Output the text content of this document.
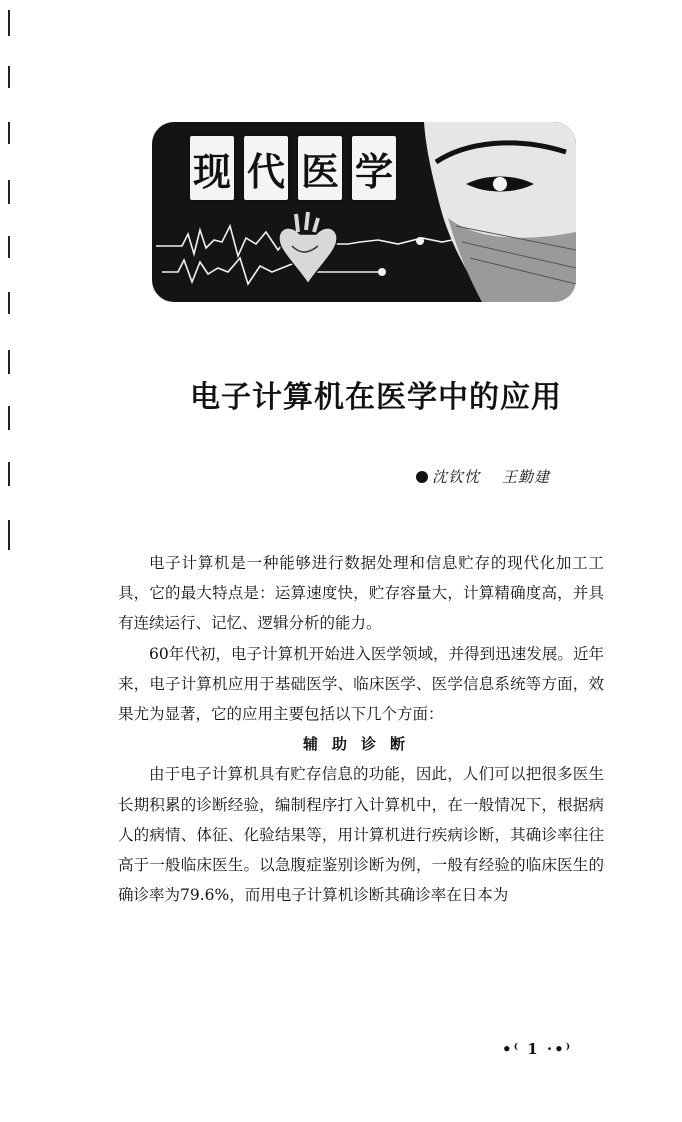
现 代 医 学
电子计算机在医学中的应用
沈钦忱 王勤建

电子计算机是一种能够进行数据处理和信息贮存的现代化加工工具，它的最大特点是：运算速度快，贮存容量大，计算精确度高，并具有连续运行、记忆、逻辑分析的能力。

60年代初，电子计算机开始进入医学领域，并得到迅速发展。近年来，电子计算机应用于基础医学、临床医学、医学信息系统等方面，效果尤为显著，它的应用主要包括以下几个方面：

辅助诊断

由于电子计算机具有贮存信息的功能，因此，人们可以把很多医生长期积累的诊断经验，编制程序打入计算机中，在一般情况下，根据病人的病情、体征、化验结果等，用计算机进行疾病诊断，其确诊率往往高于一般临床医生。以急腹症鉴别诊断为例，一般有经验的临床医生的确诊率为79.6%，而用电子计算机诊断其确诊率在日本为

•⁽ 1 ·•⁾
